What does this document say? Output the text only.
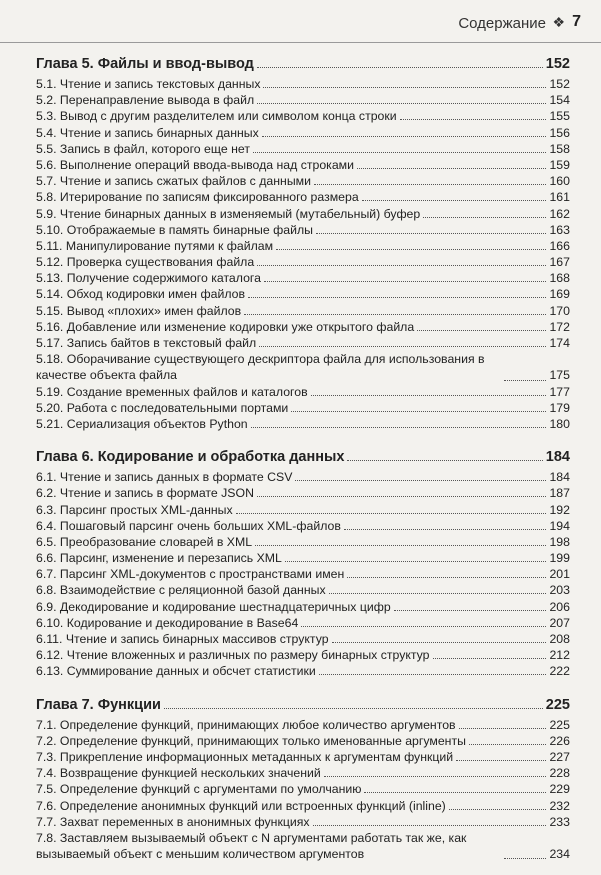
Содержание ❖ 7
Глава 5. Файлы и ввод-вывод	152
5.1. Чтение и запись текстовых данных	152
5.2. Перенаправление вывода в файл	154
5.3. Вывод с другим разделителем или символом конца строки	155
5.4. Чтение и запись бинарных данных	156
5.5. Запись в файл, которого еще нет	158
5.6. Выполнение операций ввода-вывода над строками	159
5.7. Чтение и запись сжатых файлов с данными	160
5.8. Итерирование по записям фиксированного размера	161
5.9. Чтение бинарных данных в изменяемый (мутабельный) буфер	162
5.10. Отображаемые в память бинарные файлы	163
5.11. Манипулирование путями к файлам	166
5.12. Проверка существования файла	167
5.13. Получение содержимого каталога	168
5.14. Обход кодировки имен файлов	169
5.15. Вывод «плохих» имен файлов	170
5.16. Добавление или изменение кодировки уже открытого файла	172
5.17. Запись байтов в текстовый файл	174
5.18. Оборачивание существующего дескриптора файла для использования в качестве объекта файла	175
5.19. Создание временных файлов и каталогов	177
5.20. Работа с последовательными портами	179
5.21. Сериализация объектов Python	180
Глава 6. Кодирование и обработка данных	184
6.1. Чтение и запись данных в формате CSV	184
6.2. Чтение и запись в формате JSON	187
6.3. Парсинг простых XML-данных	192
6.4. Пошаговый парсинг очень больших XML-файлов	194
6.5. Преобразование словарей в XML	198
6.6. Парсинг, изменение и перезапись XML	199
6.7. Парсинг XML-документов с пространствами имен	201
6.8. Взаимодействие с реляционной базой данных	203
6.9. Декодирование и кодирование шестнадцатеричных цифр	206
6.10. Кодирование и декодирование в Base64	207
6.11. Чтение и запись бинарных массивов структур	208
6.12. Чтение вложенных и различных по размеру бинарных структур	212
6.13. Суммирование данных и обсчет статистики	222
Глава 7. Функции	225
7.1. Определение функций, принимающих любое количество аргументов	225
7.2. Определение функций, принимающих только именованные аргументы	226
7.3. Прикрепление информационных метаданных к аргументам функций	227
7.4. Возвращение функцией нескольких значений	228
7.5. Определение функций с аргументами по умолчанию	229
7.6. Определение анонимных функций или встроенных функций (inline)	232
7.7. Захват переменных в анонимных функциях	233
7.8. Заставляем вызываемый объект с N аргументами работать так же, как вызываемый объект с меньшим количеством аргументов	234
